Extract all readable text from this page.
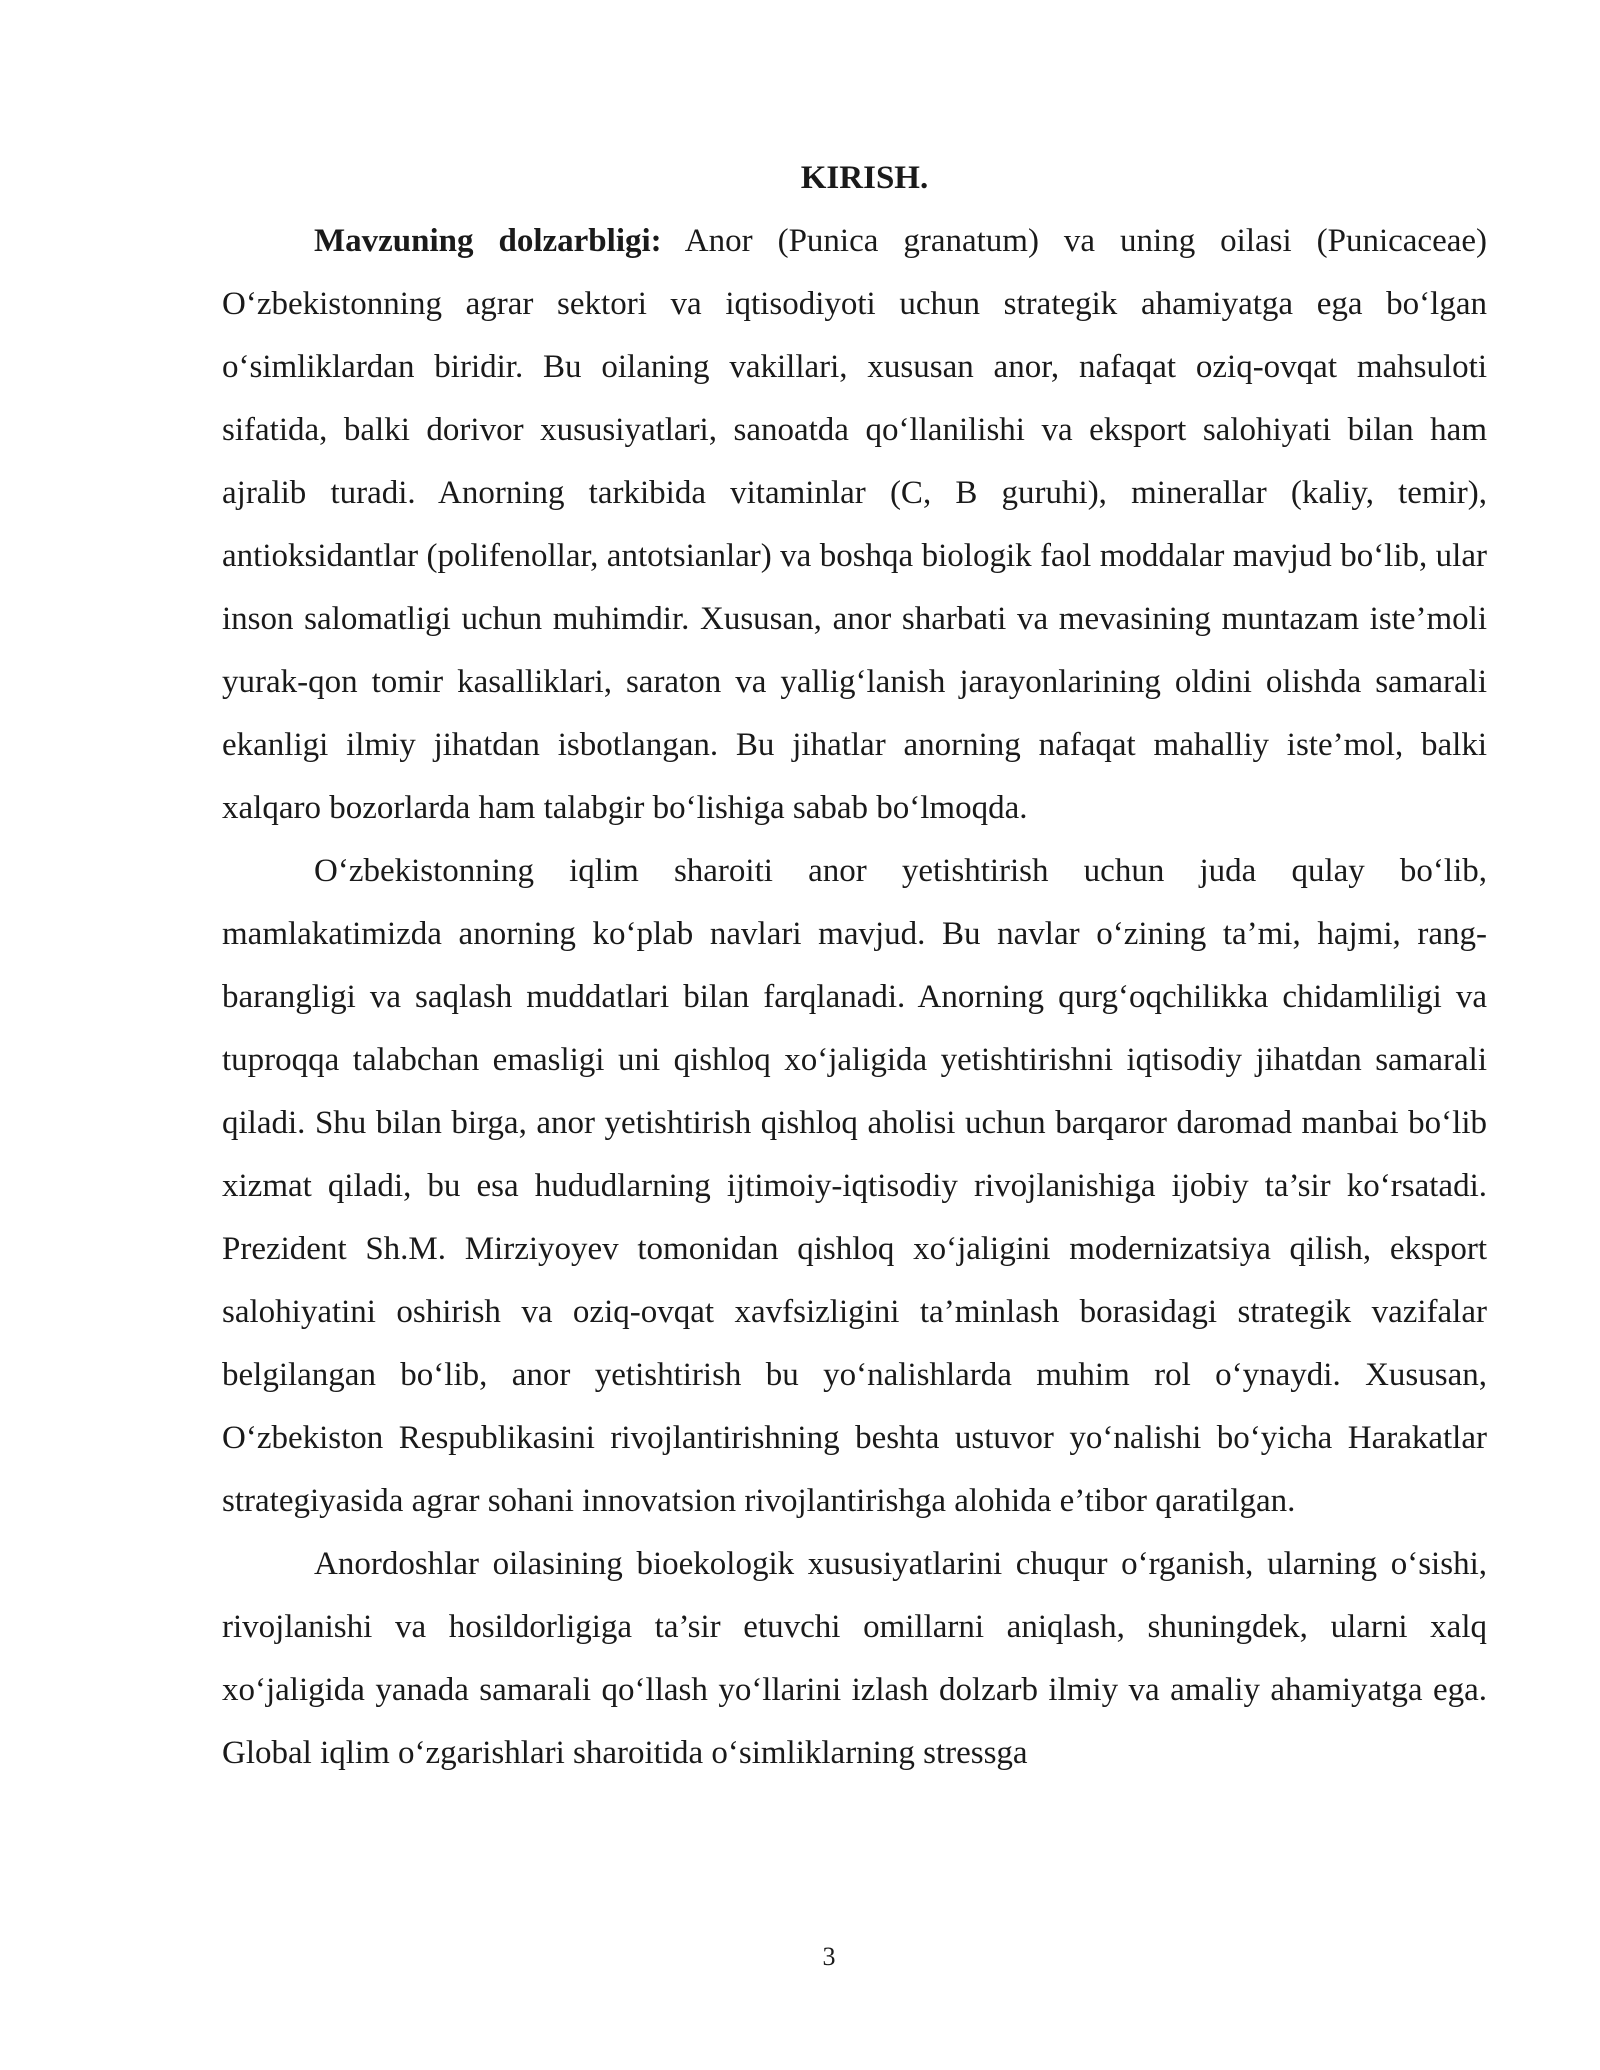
KIRISH.

Mavzuning dolzarbligi: Anor (Punica granatum) va uning oilasi (Punicaceae) O‘zbekistonning agrar sektori va iqtisodiyoti uchun strategik ahamiyatga ega bo‘lgan o‘simliklardan biridir. Bu oilaning vakillari, xususan anor, nafaqat oziq-ovqat mahsuloti sifatida, balki dorivor xususiyatlari, sanoatda qo‘llanilishi va eksport salohiyati bilan ham ajralib turadi. Anorning tarkibida vitaminlar (C, B guruhi), minerallar (kaliy, temir), antioksidantlar (polifenollar, antotsianlar) va boshqa biologik faol moddalar mavjud bo‘lib, ular inson salomatligi uchun muhimdir. Xususan, anor sharbati va mevasining muntazam iste’moli yurak-qon tomir kasalliklari, saraton va yallig‘lanish jarayonlarining oldini olishda samarali ekanligi ilmiy jihatdan isbotlangan. Bu jihatlar anorning nafaqat mahalliy iste’mol, balki xalqaro bozorlarda ham talabgir bo‘lishiga sabab bo‘lmoqda.

O‘zbekistonning iqlim sharoiti anor yetishtirish uchun juda qulay bo‘lib, mamlakatimizda anorning ko‘plab navlari mavjud. Bu navlar o‘zining ta’mi, hajmi, rang-barangligi va saqlash muddatlari bilan farqlanadi. Anorning qurg‘oqchilikka chidamliligi va tuproqqa talabchan emasligi uni qishloq xo‘jaligida yetishtirishni iqtisodiy jihatdan samarali qiladi. Shu bilan birga, anor yetishtirish qishloq aholisi uchun barqaror daromad manbai bo‘lib xizmat qiladi, bu esa hududlarning ijtimoiy-iqtisodiy rivojlanishiga ijobiy ta’sir ko‘rsatadi. Prezident Sh.M. Mirziyoyev tomonidan qishloq xo‘jaligini modernizatsiya qilish, eksport salohiyatini oshirish va oziq-ovqat xavfsizligini ta’minlash borasidagi strategik vazifalar belgilangan bo‘lib, anor yetishtirish bu yo‘nalishlarda muhim rol o‘ynaydi. Xususan, O‘zbekiston Respublikasini rivojlantirishning beshta ustuvor yo‘nalishi bo‘yicha Harakatlar strategiyasida agrar sohani innovatsion rivojlantirishga alohida e’tibor qaratilgan.

Anordoshlar oilasining bioekologik xususiyatlarini chuqur o‘rganish, ularning o‘sishi, rivojlanishi va hosildorligiga ta’sir etuvchi omillarni aniqlash, shuningdek, ularni xalq xo‘jaligida yanada samarali qo‘llash yo‘llarini izlash dolzarb ilmiy va amaliy ahamiyatga ega. Global iqlim o‘zgarishlari sharoitida o‘simliklarning stressga

3
